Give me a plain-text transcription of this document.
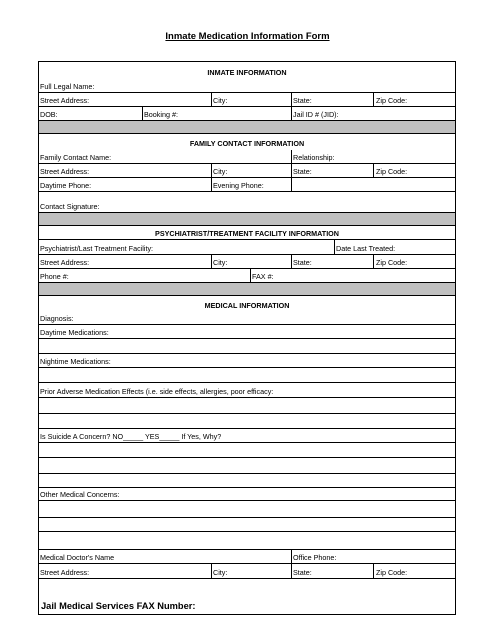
Inmate Medication Information Form
INMATE INFORMATION
Full Legal Name:
Street Address:	City:	State:	Zip Code:
DOB:	Booking #:	Jail ID # (JID):
FAMILY CONTACT INFORMATION
Family Contact Name:	Relationship:
Street Address:	City:	State:	Zip Code:
Daytime Phone:	Evening Phone:
Contact Signature:
PSYCHIATRIST/TREATMENT FACILITY INFORMATION
Psychiatrist/Last Treatment Facility:	Date Last Treated:
Street Address:	City:	State:	Zip Code:
Phone #:	FAX #:
MEDICAL INFORMATION
Diagnosis:
Daytime Medications:
Nightime Medications:
Prior Adverse Medication Effects (i.e. side effects, allergies, poor efficacy:
Is Suicide A Concern? NO_____ YES_____ If Yes, Why?
Other Medical Concerns:
Medical Doctor's Name	Office Phone:
Street Address:	City:	State:	Zip Code:
Jail Medical Services FAX Number:
